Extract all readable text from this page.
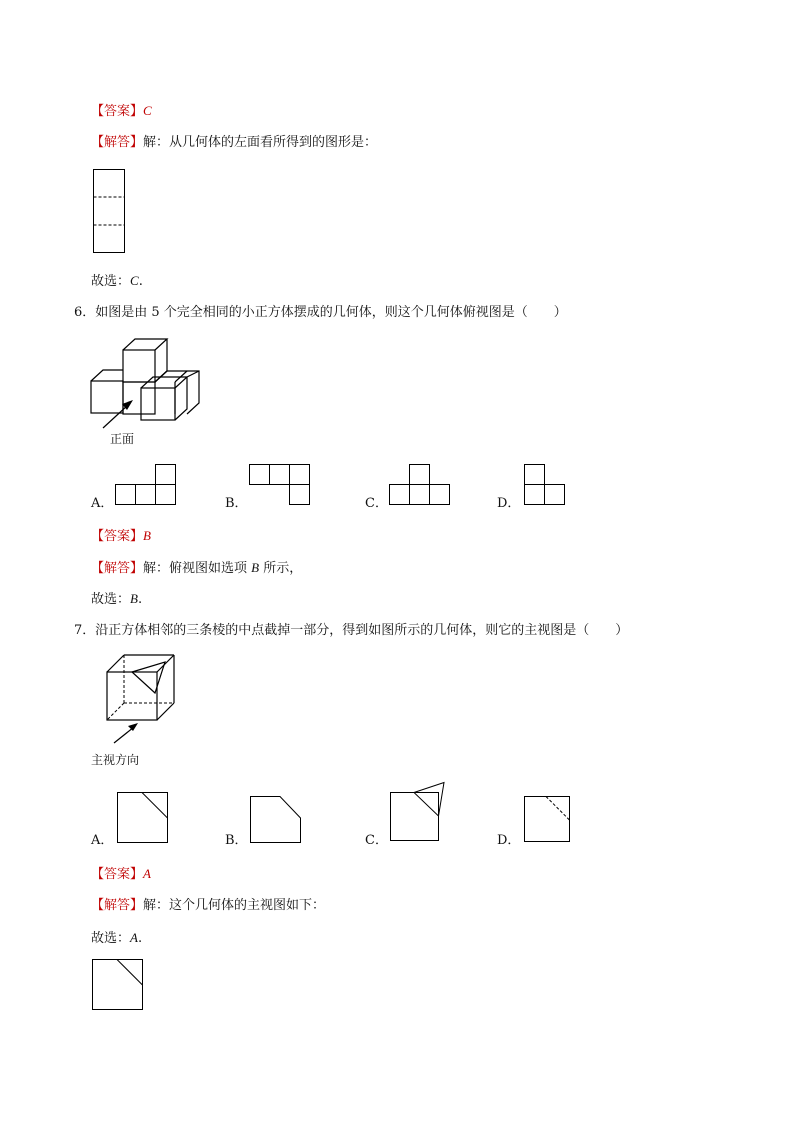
【答案】C
【解答】解：从几何体的左面看所得到的图形是：
故选：C.
6．如图是由 5 个完全相同的小正方体摆成的几何体，则这个几何体俯视图是（　　）
正面
A．	B．	C．	D．
【答案】B
【解答】解：俯视图如选项 B 所示，
故选：B.
7．沿正方体相邻的三条棱的中点截掉一部分，得到如图所示的几何体，则它的主视图是（　　）
主视方向
A．	B．	C．	D．
【答案】A
【解答】解：这个几何体的主视图如下：
故选：A.
